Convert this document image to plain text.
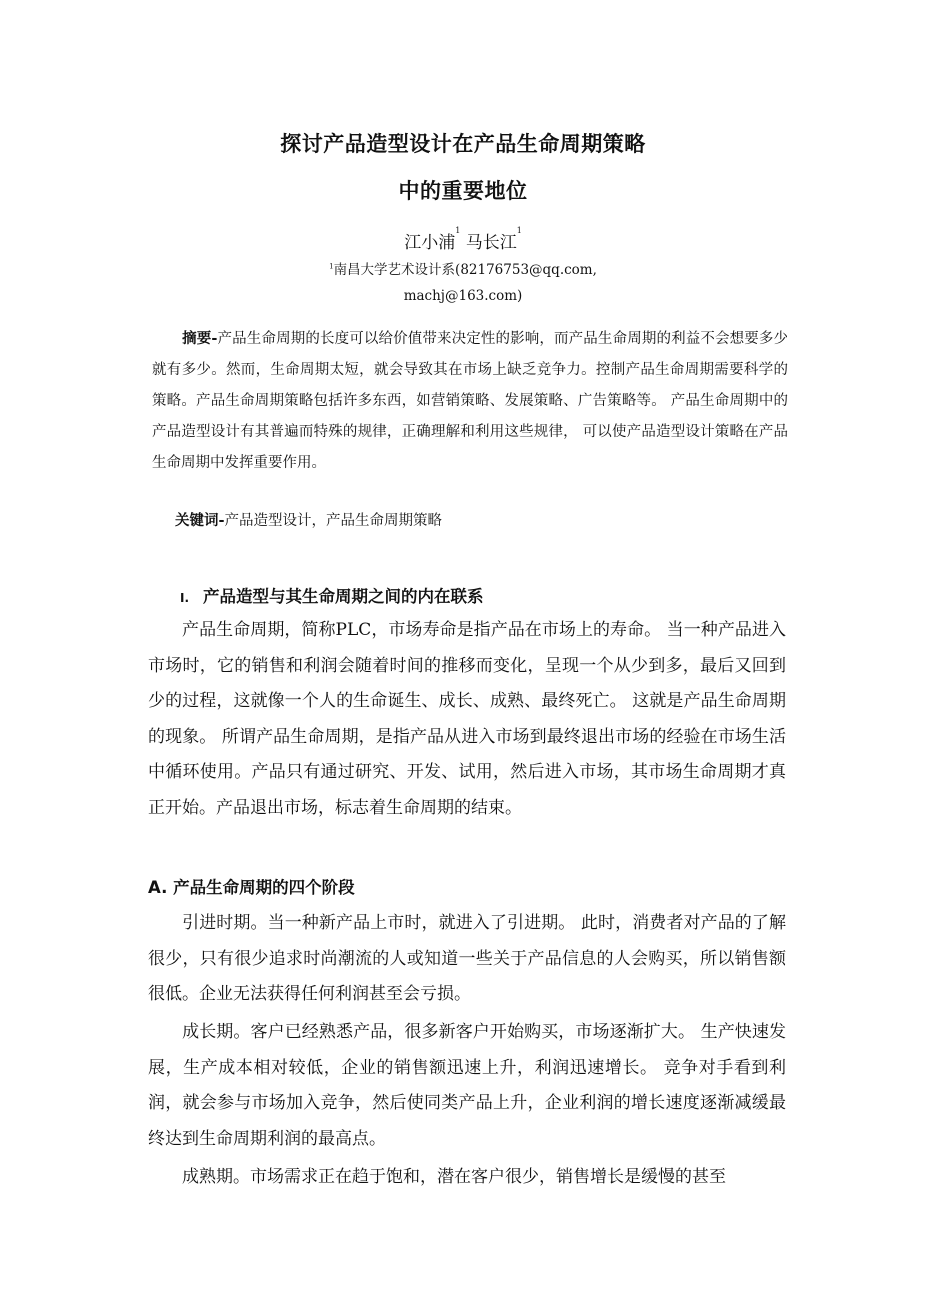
探讨产品造型设计在产品生命周期策略
中的重要地位
江小浦$^1$ 马长江$^1$
$^1$南昌大学艺术设计系(82176753@qq.com,
machj@163.com)
摘要-产品生命周期的长度可以给价值带来决定性的影响，而产品生命周期的利益不会想要多少就有多少。然而，生命周期太短，就会导致其在市场上缺乏竞争力。控制产品生命周期需要科学的策略。产品生命周期策略包括许多东西，如营销策略、发展策略、广告策略等。 产品生命周期中的产品造型设计有其普遍而特殊的规律，正确理解和利用这些规律， 可以使产品造型设计策略在产品生命周期中发挥重要作用。
关键词-产品造型设计，产品生命周期策略
I. 产品造型与其生命周期之间的内在联系
产品生命周期，简称PLC，市场寿命是指产品在市场上的寿命。 当一种产品进入市场时，它的销售和利润会随着时间的推移而变化，呈现一个从少到多，最后又回到少的过程，这就像一个人的生命诞生、成长、成熟、最终死亡。 这就是产品生命周期的现象。 所谓产品生命周期，是指产品从进入市场到最终退出市场的经验在市场生活中循环使用。产品只有通过研究、开发、试用，然后进入市场，其市场生命周期才真正开始。产品退出市场，标志着生命周期的结束。
A. 产品生命周期的四个阶段
引进时期。当一种新产品上市时，就进入了引进期。 此时，消费者对产品的了解很少，只有很少追求时尚潮流的人或知道一些关于产品信息的人会购买，所以销售额很低。企业无法获得任何利润甚至会亏损。
成长期。客户已经熟悉产品，很多新客户开始购买，市场逐渐扩大。 生产快速发展，生产成本相对较低，企业的销售额迅速上升，利润迅速增长。 竞争对手看到利润，就会参与市场加入竞争，然后使同类产品上升，企业利润的增长速度逐渐减缓最终达到生命周期利润的最高点。
成熟期。市场需求正在趋于饱和，潜在客户很少，销售增长是缓慢的甚至
